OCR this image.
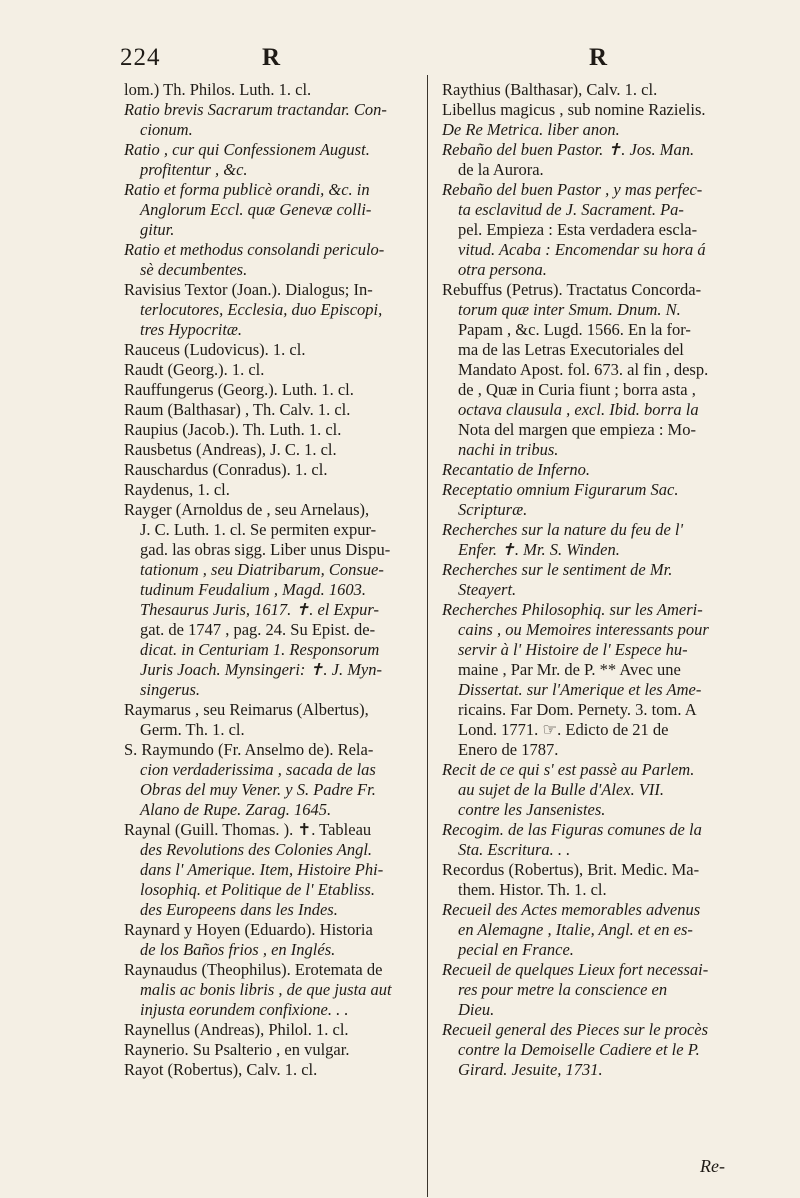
224	R	R
lom.) Th. Philos. Luth. 1. cl.
Ratio brevis Sacrarum tractandar. Con-
cionum.
Ratio , cur qui Confessionem August.
profitentur , &c.
Ratio et forma publicè orandi, &c. in
Anglorum Eccl. quæ Genevæ colli-
gitur.
Ratio et methodus consolandi periculo-
sè decumbentes.
Ravisius Textor (Joan.). Dialogus; In-
terlocutores, Ecclesia, duo Episcopi,
tres Hypocritæ.
Rauceus (Ludovicus). 1. cl.
Raudt (Georg.). 1. cl.
Rauffungerus (Georg.). Luth. 1. cl.
Raum (Balthasar) , Th. Calv. 1. cl.
Raupius (Jacob.). Th. Luth. 1. cl.
Rausbetus (Andreas), J. C. 1. cl.
Rauschardus (Conradus). 1. cl.
Raydenus, 1. cl.
Rayger (Arnoldus de , seu Arnelaus),
J. C. Luth. 1. cl. Se permiten expur-
gad. las obras sigg. Liber unus Dispu-
tationum , seu Diatribarum, Consue-
tudinum Feudalium , Magd. 1603.
Thesaurus Juris, 1617. ✝. el Expur-
gat. de 1747 , pag. 24. Su Epist. de-
dicat. in Centuriam 1. Responsorum
Juris Joach. Mynsingeri: ✝. J. Myn-
singerus.
Raymarus , seu Reimarus (Albertus),
Germ. Th. 1. cl.
S. Raymundo (Fr. Anselmo de). Rela-
cion verdaderissima , sacada de las
Obras del muy Vener. y S. Padre Fr.
Alano de Rupe. Zarag. 1645.
Raynal (Guill. Thomas. ). ✝. Tableau
des Revolutions des Colonies Angl.
dans l' Amerique. Item, Histoire Phi-
losophiq. et Politique de l' Etabliss.
des Europeens dans les Indes.
Raynard y Hoyen (Eduardo). Historia
de los Baños frios , en Inglés.
Raynaudus (Theophilus). Erotemata de
malis ac bonis libris , de que justa aut
injusta eorundem confixione. . .
Raynellus (Andreas), Philol. 1. cl.
Raynerio. Su Psalterio , en vulgar.
Rayot (Robertus), Calv. 1. cl.
Raythius (Balthasar), Calv. 1. cl.
Libellus magicus , sub nomine Razielis.
De Re Metrica. liber anon.
Rebaño del buen Pastor. ✝. Jos. Man.
de la Aurora.
Rebaño del buen Pastor , y mas perfec-
ta esclavitud de J. Sacrament. Pa-
pel. Empieza : Esta verdadera escla-
vitud. Acaba : Encomendar su hora á
otra persona.
Rebuffus (Petrus). Tractatus Concorda-
torum quæ inter Smum. Dnum. N.
Papam , &c. Lugd. 1566. En la for-
ma de las Letras Executoriales del
Mandato Apost. fol. 673. al fin , desp.
de , Quæ in Curia fiunt ; borra asta ,
octava clausula , excl. Ibid. borra la
Nota del margen que empieza : Mo-
nachi in tribus.
Recantatio de Inferno.
Receptatio omnium Figurarum Sac.
Scripturæ.
Recherches sur la nature du feu de l'
Enfer. ✝. Mr. S. Winden.
Recherches sur le sentiment de Mr.
Steayert.
Recherches Philosophiq. sur les Ameri-
cains , ou Memoires interessants pour
servir à l' Histoire de l' Espece hu-
maine , Par Mr. de P. ** Avec une
Dissertat. sur l'Amerique et les Ame-
ricains. Far Dom. Pernety. 3. tom. A
Lond. 1771. ☞. Edicto de 21 de
Enero de 1787.
Recit de ce qui s' est passè au Parlem.
au sujet de la Bulle d'Alex. VII.
contre les Jansenistes.
Recogim. de las Figuras comunes de la
Sta. Escritura. . .
Recordus (Robertus), Brit. Medic. Ma-
them. Histor. Th. 1. cl.
Recueil des Actes memorables advenus
en Alemagne , Italie, Angl. et en es-
pecial en France.
Recueil de quelques Lieux fort necessai-
res pour metre la conscience en
Dieu.
Recueil general des Pieces sur le procès
contre la Demoiselle Cadiere et le P.
Girard. Jesuite, 1731.
Re-
